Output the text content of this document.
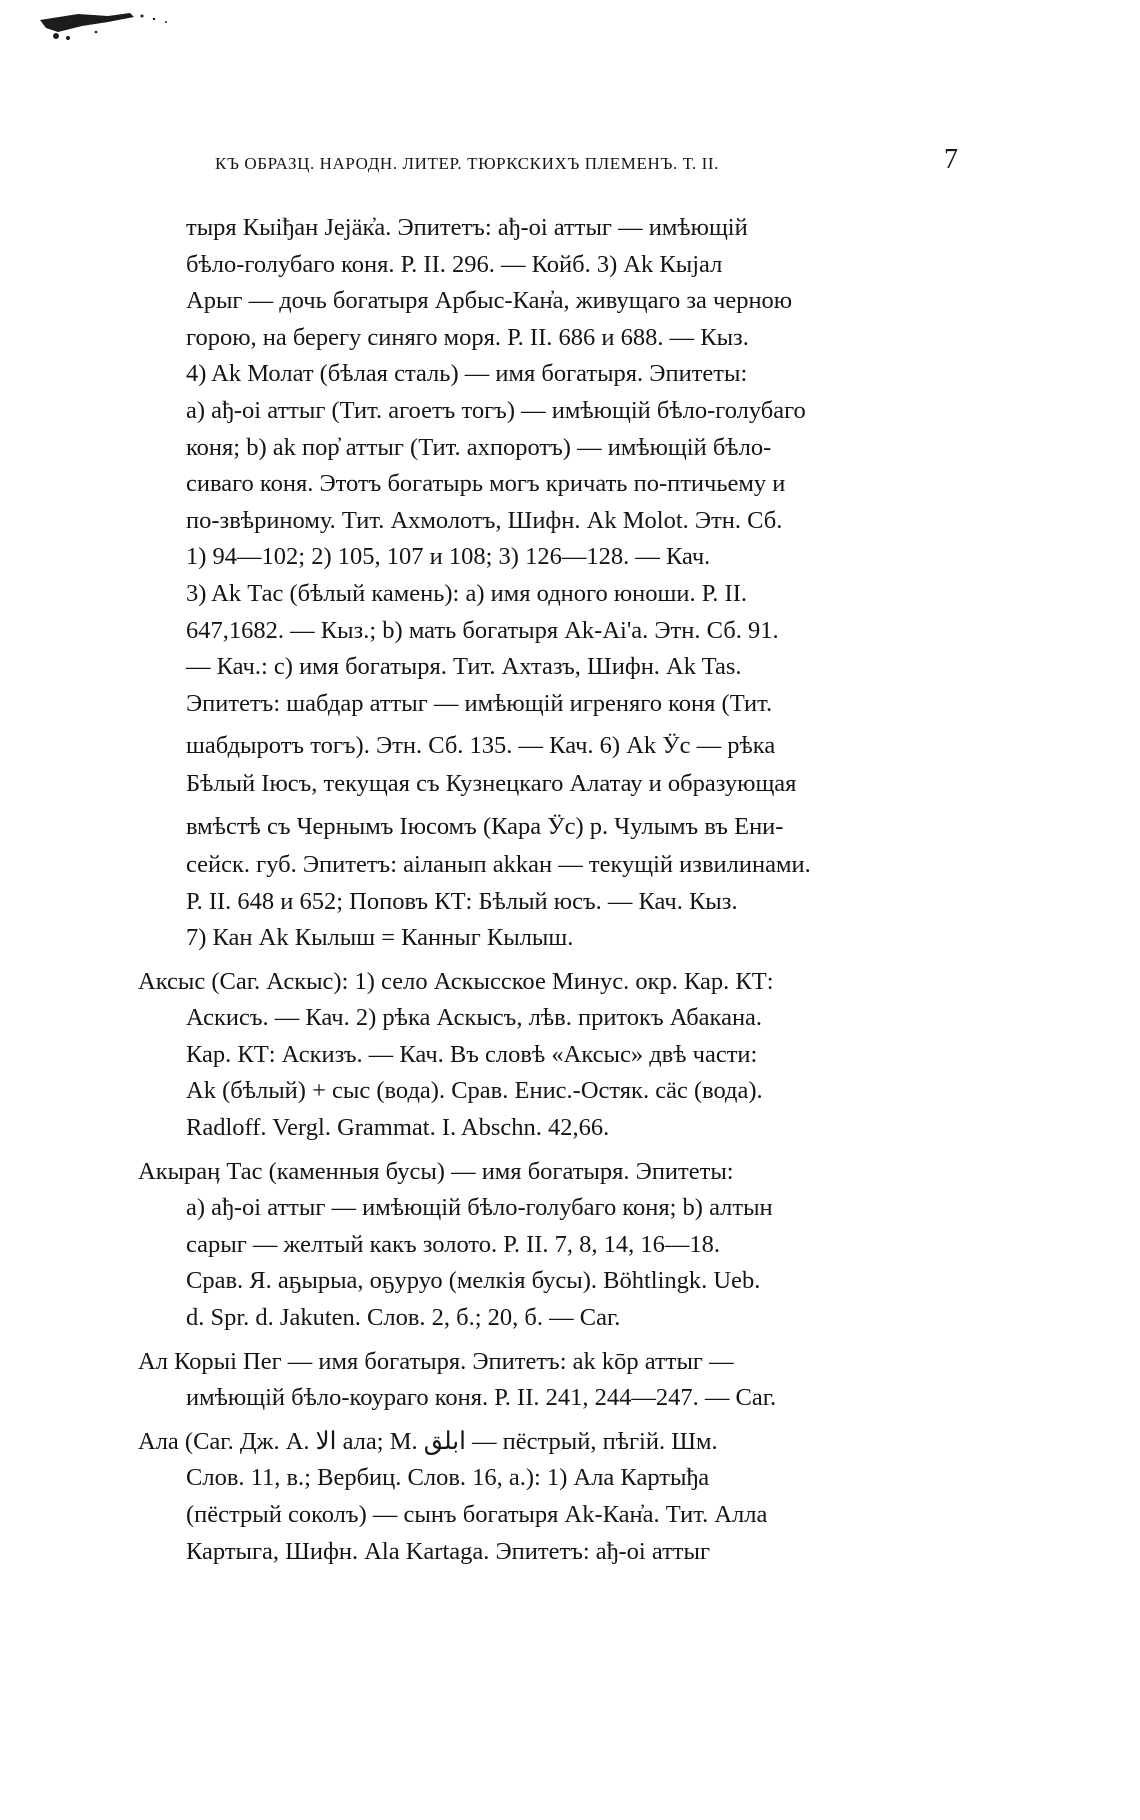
КЪ ОБРАЗЦ. НАРОДН. ЛИТЕР. ТЮРКСКИХЪ ПЛЕМЕНЪ. Т. II.	7
тыря Кыіђан Јејӓк҆а. Эпитетъ: ађ-оі аттыг — имѣющій
бѣло-голубаго коня. Р. II. 296. — Койб. 3) Ak Кыјал
Арыг — дочь богатыря Арбыс-Кан҆а, живущаго за черною
горою, на берегу синяго моря. Р. II. 686 и 688. — Кыз.
4) Ak Молат (бѣлая сталь) — имя богатыря. Эпитеты:
a) ађ-оі аттыг (Тит. агоетъ тогъ) — имѣющій бѣло-голубаго
коня; b) ak пор҆ аттыг (Тит. ахпоротъ) — имѣющій бѣло-
сиваго коня. Этотъ богатырь могъ кричать по-птичьему и
по-звѣриному. Тит. Ахмолотъ, Шифн. Ak Molot. Этн. Сб.
1) 94—102; 2) 105, 107 и 108; 3) 126—128. — Кач.
3) Ak Тас (бѣлый камень): a) имя одного юноши. Р. II.
647,1682. — Кыз.; b) мать богатыря Ak-Ai'a. Этн. Сб. 91.
— Кач.: c) имя богатыря. Тит. Ахтазъ, Шифн. Ak Tas.
Эпитетъ: шабдар аттыг — имѣющій игреняго коня (Тит.
шабдыротъ тогъ). Этн. Сб. 135. — Кач. 6) Ak Ӱc — рѣка
Бѣлый Іюсъ, текущая съ Кузнецкаго Алатау и образующая
вмѣстѣ съ Чернымъ Іюсомъ (Кара Ӱc) р. Чулымъ въ Ени-
сейск. губ. Эпитетъ: аіланып akkан — текущій извилинами.
Р. II. 648 и 652; Поповъ КТ: Бѣлый юсъ. — Кач. Кыз.
7) Кан Ak Кылыш = Канныг Кылыш.
Аксыс (Саг. Аскыс): 1) село Аскысское Минус. окр. Кар. КТ:
Аскисъ. — Кач. 2) рѣка Аскысъ, лѣв. притокъ Абакана.
Кар. КТ: Аскизъ. — Кач. Въ словѣ «Аксыс» двѣ части:
Ak (бѣлый) + сыс (вода). Срав. Енис.-Остяк. сӓс (вода).
Radloff. Vergl. Grammat. I. Abschn. 42,66.
Акыраӊ Тас (каменныя бусы) — имя богатыря. Эпитеты:
a) ађ-оі аттыг — имѣющій бѣло-голубаго коня; b) алтын
сарыг — желтый какъ золото. Р. II. 7, 8, 14, 16—18.
Срав. Я. аҕырыа, оҕуруо (мелкія бусы). Böhtlingk. Ueb.
d. Spr. d. Jakuten. Слов. 2, б.; 20, б. — Саг.
Ал Корыі Пег — имя богатыря. Эпитетъ: ak kōр аттыг —
имѣющій бѣло-коураго коня. Р. II. 241, 244—247. — Саг.
Ала (Саг. Дж. А. الا ала; М. ابلق — пёстрый, пѣгій. Шм.
Слов. 11, в.; Вербиц. Слов. 16, а.): 1) Ала Картыђа
(пёстрый соколъ) — сынъ богатыря Ak-Кан҆а. Тит. Алла
Картыга, Шифн. Ala Kartaga. Эпитетъ: ађ-оі аттыг
